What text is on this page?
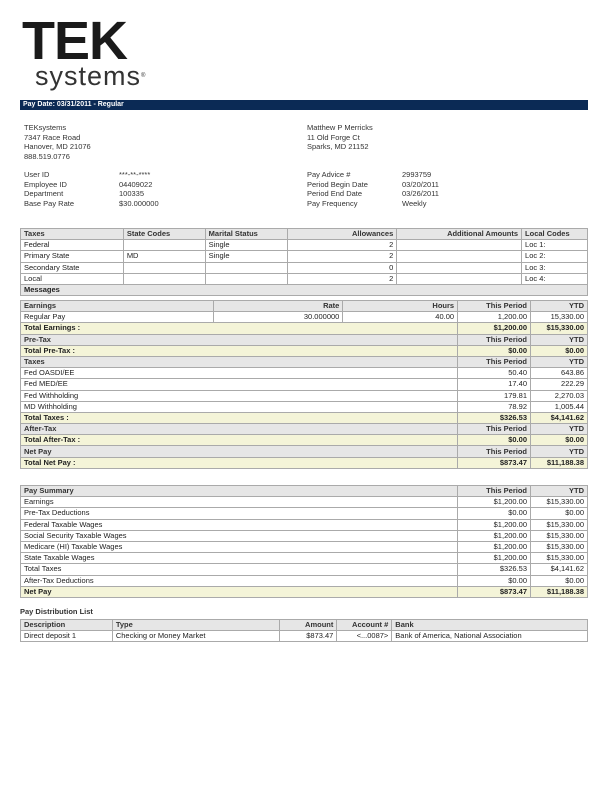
TEK
systems®
Pay Date: 03/31/2011 - Regular
TEKsystems
7347 Race Road
Hanover, MD 21076
888.519.0776
Matthew P Merricks
11 Old Forge Ct
Sparks, MD 21152
User ID	***-**-****
Employee ID	04409022
Department	100335
Base Pay Rate	$30.000000
Pay Advice #	2993759
Period Begin Date	03/20/2011
Period End Date	03/26/2011
Pay Frequency	Weekly
Taxes	State Codes	Marital Status	Allowances	Additional Amounts	Local Codes
Federal		Single	2		Loc 1:
Primary State	MD	Single	2		Loc 2:
Secondary State			0		Loc 3:
Local			2		Loc 4:
Messages					
Earnings	Rate	Hours	This Period	YTD
Regular Pay	30.000000	40.00	1,200.00	15,330.00
Total Earnings :			$1,200.00	$15,330.00
Pre-Tax			This Period	YTD
Total Pre-Tax :			$0.00	$0.00
Taxes			This Period	YTD
Fed OASDI/EE			50.40	643.86
Fed MED/EE			17.40	222.29
Fed Withholding			179.81	2,270.03
MD Withholding			78.92	1,005.44
Total Taxes :			$326.53	$4,141.62
After-Tax			This Period	YTD
Total After-Tax :			$0.00	$0.00
Net Pay			This Period	YTD
Total Net Pay :			$873.47	$11,188.38
Pay Summary	This Period	YTD
Earnings	$1,200.00	$15,330.00
Pre-Tax Deductions	$0.00	$0.00
Federal Taxable Wages	$1,200.00	$15,330.00
Social Security Taxable Wages	$1,200.00	$15,330.00
Medicare (HI) Taxable Wages	$1,200.00	$15,330.00
State Taxable Wages	$1,200.00	$15,330.00
Total Taxes	$326.53	$4,141.62
After-Tax Deductions	$0.00	$0.00
Net Pay	$873.47	$11,188.38
Pay Distribution List
Description	Type	Amount	Account #	Bank
Direct deposit 1	Checking or Money Market	$873.47	<...0087>	Bank of America, National Association
